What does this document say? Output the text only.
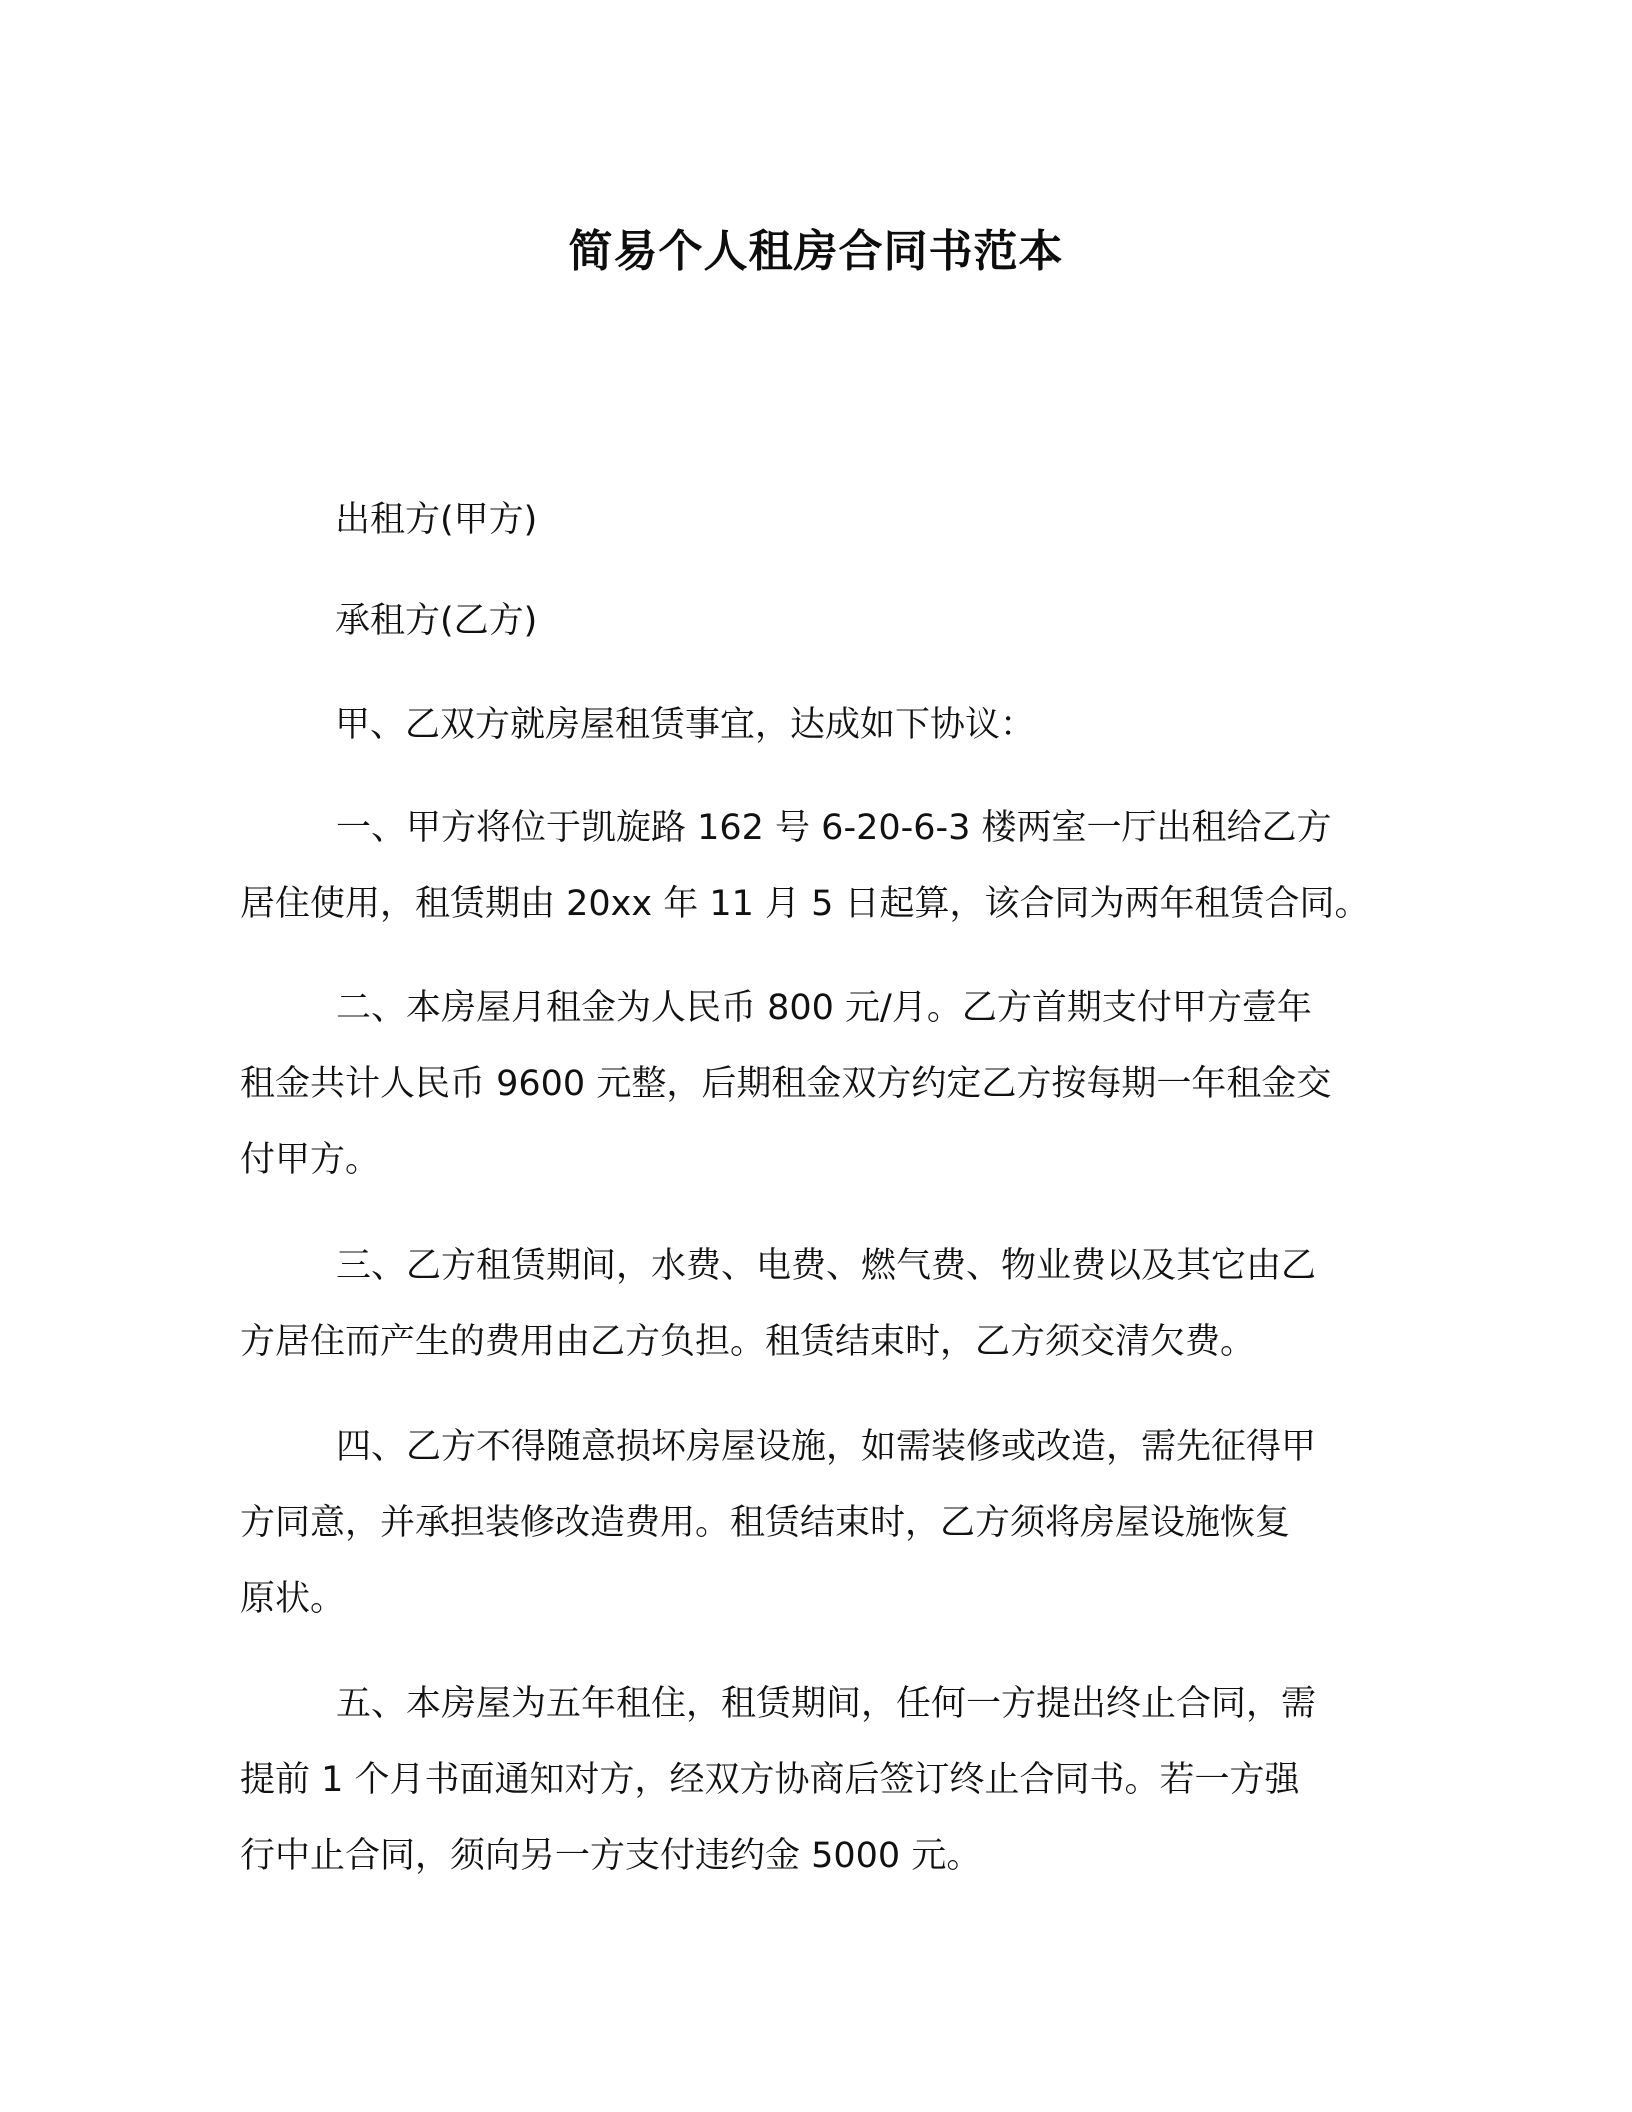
简易个人租房合同书范本
出租方(甲方)
承租方(乙方)
甲、乙双方就房屋租赁事宜，达成如下协议：
一、甲方将位于凯旋路 162 号 6-20-6-3 楼两室一厅出租给乙方
居住使用，租赁期由 20xx 年 11 月 5 日起算，该合同为两年租赁合同。
二、本房屋月租金为人民币 800 元/月。乙方首期支付甲方壹年
租金共计人民币 9600 元整，后期租金双方约定乙方按每期一年租金交
付甲方。
三、乙方租赁期间，水费、电费、燃气费、物业费以及其它由乙
方居住而产生的费用由乙方负担。租赁结束时，乙方须交清欠费。
四、乙方不得随意损坏房屋设施，如需装修或改造，需先征得甲
方同意，并承担装修改造费用。租赁结束时，乙方须将房屋设施恢复
原状。
五、本房屋为五年租住，租赁期间，任何一方提出终止合同，需
提前 1 个月书面通知对方，经双方协商后签订终止合同书。若一方强
行中止合同，须向另一方支付违约金 5000 元。
